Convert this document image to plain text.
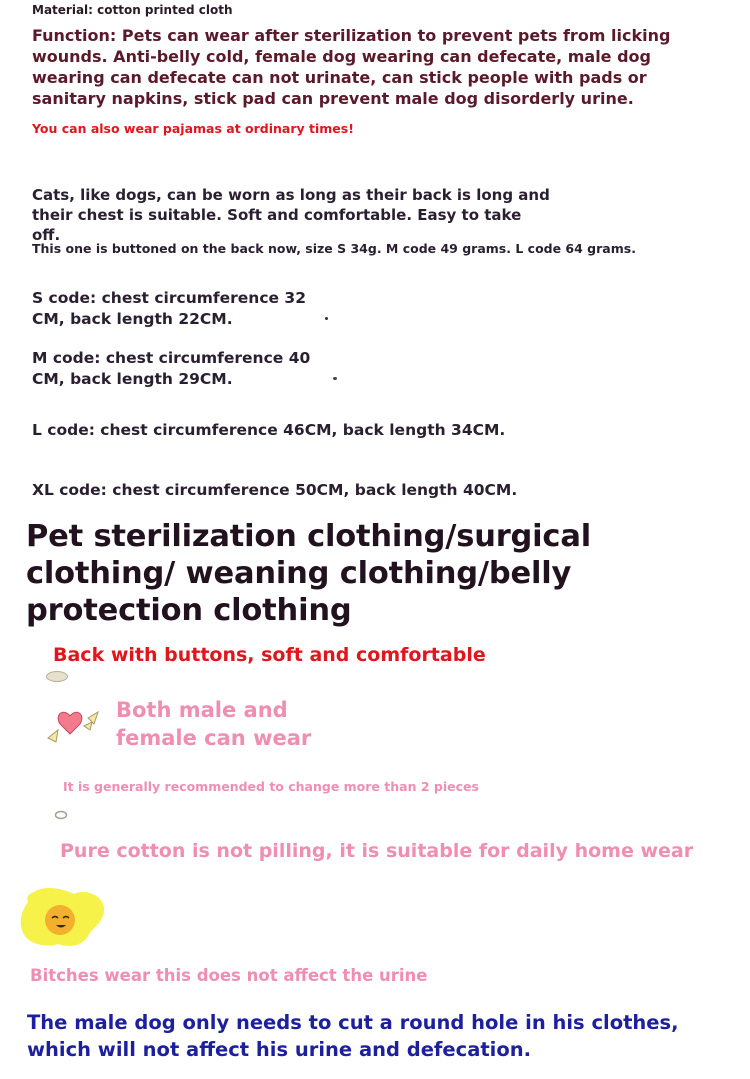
Material: cotton printed cloth

Function: Pets can wear after sterilization to prevent pets from licking wounds. Anti-belly cold, female dog wearing can defecate, male dog wearing can defecate can not urinate, can stick people with pads or sanitary napkins, stick pad can prevent male dog disorderly urine.

You can also wear pajamas at ordinary times!

Cats, like dogs, can be worn as long as their back is long and their chest is suitable. Soft and comfortable. Easy to take off.

This one is buttoned on the back now, size S 34g. M code 49 grams. L code 64 grams.

S code: chest circumference 32 CM, back length 22CM.

M code: chest circumference 40 CM, back length 29CM.

L code: chest circumference 46CM, back length 34CM.

XL code: chest circumference 50CM, back length 40CM.

Pet sterilization clothing/surgical clothing/ weaning clothing/belly protection clothing

Back with buttons, soft and comfortable

Both male and female can wear

It is generally recommended to change more than 2 pieces

Pure cotton is not pilling, it is suitable for daily home wear

Bitches wear this does not affect the urine

The male dog only needs to cut a round hole in his clothes, which will not affect his urine and defecation.
